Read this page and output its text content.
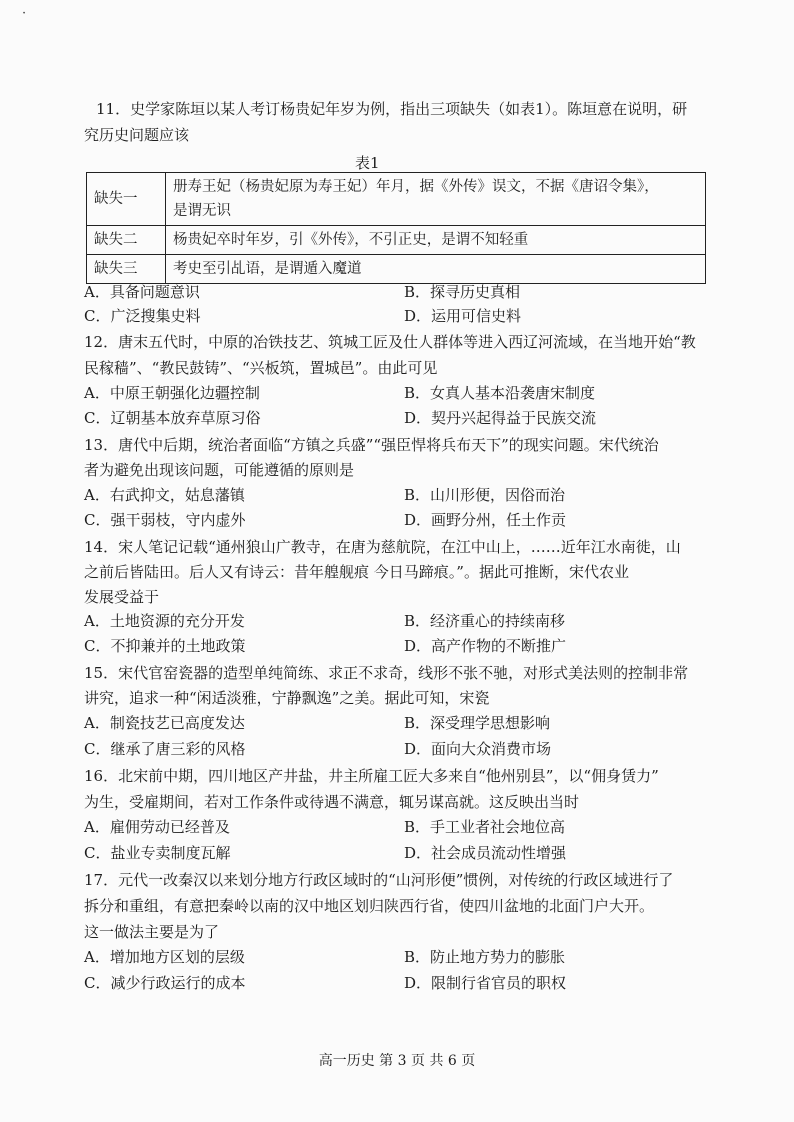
·
11．史学家陈垣以某人考订杨贵妃年岁为例，指出三项缺失（如表1）。陈垣意在说明，研
究历史问题应该
表1
缺失一	册寿王妃（杨贵妃原为寿王妃）年月，据《外传》误文，不据《唐诏令集》，
是谓无识
缺失二	杨贵妃卒时年岁，引《外传》，不引正史，是谓不知轻重
缺失三	考史至引乩语，是谓遁入魔道
A．具备问题意识	B．探寻历史真相
C．广泛搜集史料	D．运用可信史料
12．唐末五代时，中原的冶铁技艺、筑城工匠及仕人群体等进入西辽河流域，在当地开始“教
民稼穑”、“教民鼓铸”、“兴板筑，置城邑”。由此可见
A．中原王朝强化边疆控制	B．女真人基本沿袭唐宋制度
C．辽朝基本放弃草原习俗	D．契丹兴起得益于民族交流
13．唐代中后期，统治者面临“方镇之兵盛”“强臣悍将兵布天下”的现实问题。宋代统治
者为避免出现该问题，可能遵循的原则是
A．右武抑文，姑息藩镇	B．山川形便，因俗而治
C．强干弱枝，守内虚外	D．画野分州，任土作贡
14．宋人笔记记载“通州狼山广教寺，在唐为慈航院，在江中山上，……近年江水南徙，山
之前后皆陆田。后人又有诗云：昔年艎舰痕 今日马蹄痕。”。据此可推断，宋代农业
发展受益于
A．土地资源的充分开发	B．经济重心的持续南移
C．不抑兼并的土地政策	D．高产作物的不断推广
15．宋代官窑瓷器的造型单纯简练、求正不求奇，线形不张不驰，对形式美法则的控制非常
讲究，追求一种“闲适淡雅，宁静飘逸”之美。据此可知，宋瓷
A．制瓷技艺已高度发达	B．深受理学思想影响
C．继承了唐三彩的风格	D．面向大众消费市场
16．北宋前中期，四川地区产井盐，井主所雇工匠大多来自“他州别县”，以“佣身赁力”
为生，受雇期间，若对工作条件或待遇不满意，辄另谋高就。这反映出当时
A．雇佣劳动已经普及	B．手工业者社会地位高
C．盐业专卖制度瓦解	D．社会成员流动性增强
17．元代一改秦汉以来划分地方行政区域时的“山河形便”惯例，对传统的行政区域进行了
拆分和重组，有意把秦岭以南的汉中地区划归陕西行省，使四川盆地的北面门户大开。
这一做法主要是为了
A．增加地方区划的层级	B．防止地方势力的膨胀
C．减少行政运行的成本	D．限制行省官员的职权
高一历史 第 3 页 共 6 页
